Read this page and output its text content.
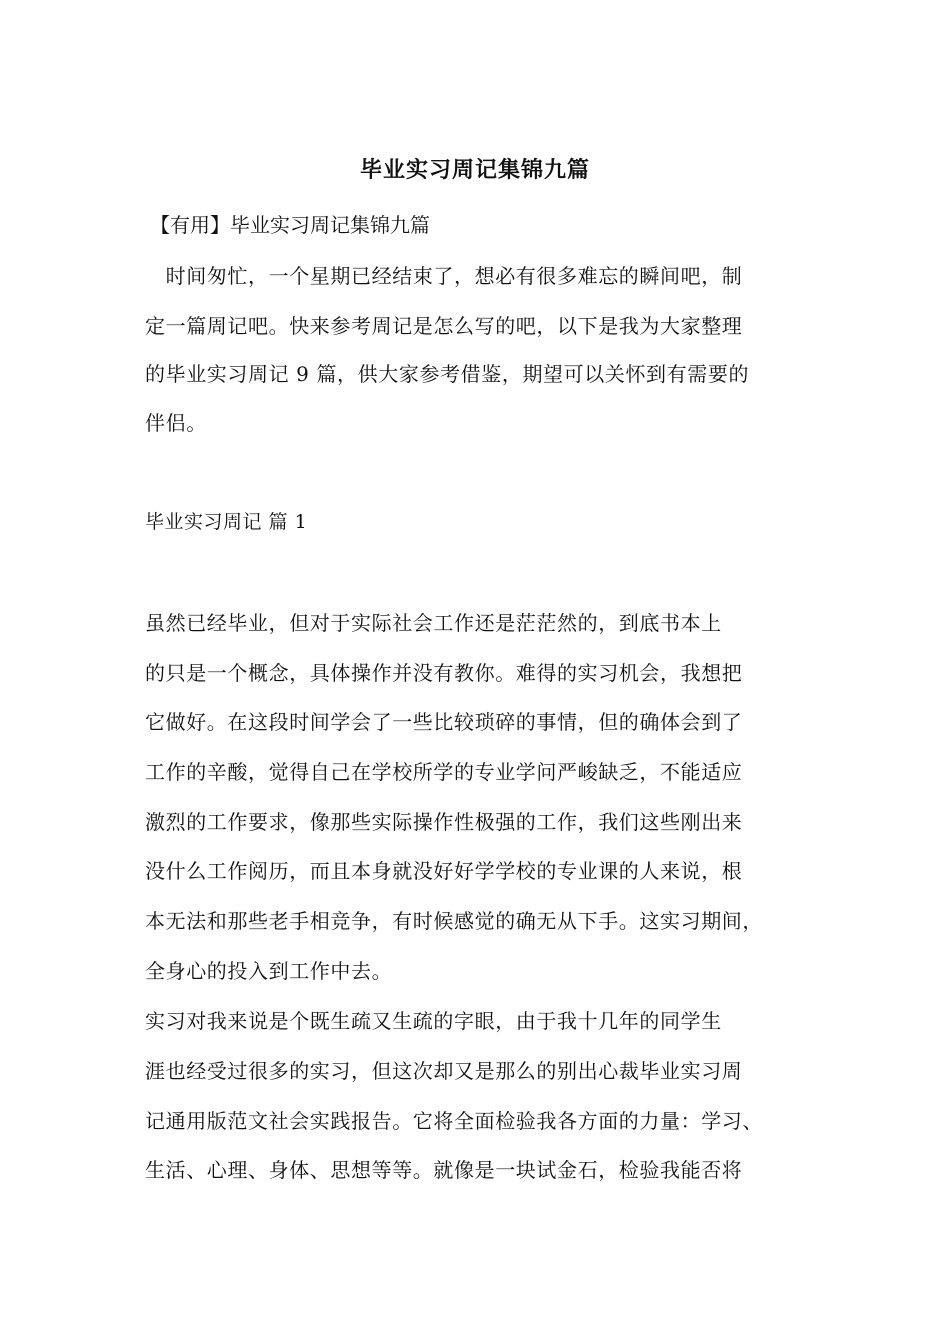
毕业实习周记集锦九篇
【有用】毕业实习周记集锦九篇
　时间匆忙，一个星期已经结束了，想必有很多难忘的瞬间吧，制
定一篇周记吧。快来参考周记是怎么写的吧，以下是我为大家整理
的毕业实习周记 9 篇，供大家参考借鉴，期望可以关怀到有需要的
伴侣。
毕业实习周记 篇 1
虽然已经毕业，但对于实际社会工作还是茫茫然的，到底书本上
的只是一个概念，具体操作并没有教你。难得的实习机会，我想把
它做好。在这段时间学会了一些比较琐碎的事情，但的确体会到了
工作的辛酸，觉得自己在学校所学的专业学问严峻缺乏，不能适应
激烈的工作要求，像那些实际操作性极强的工作，我们这些刚出来
没什么工作阅历，而且本身就没好好学学校的专业课的人来说，根
本无法和那些老手相竞争，有时候感觉的确无从下手。这实习期间，
全身心的投入到工作中去。
实习对我来说是个既生疏又生疏的字眼，由于我十几年的同学生
涯也经受过很多的实习，但这次却又是那么的别出心裁毕业实习周
记通用版范文社会实践报告。它将全面检验我各方面的力量：学习、
生活、心理、身体、思想等等。就像是一块试金石，检验我能否将
